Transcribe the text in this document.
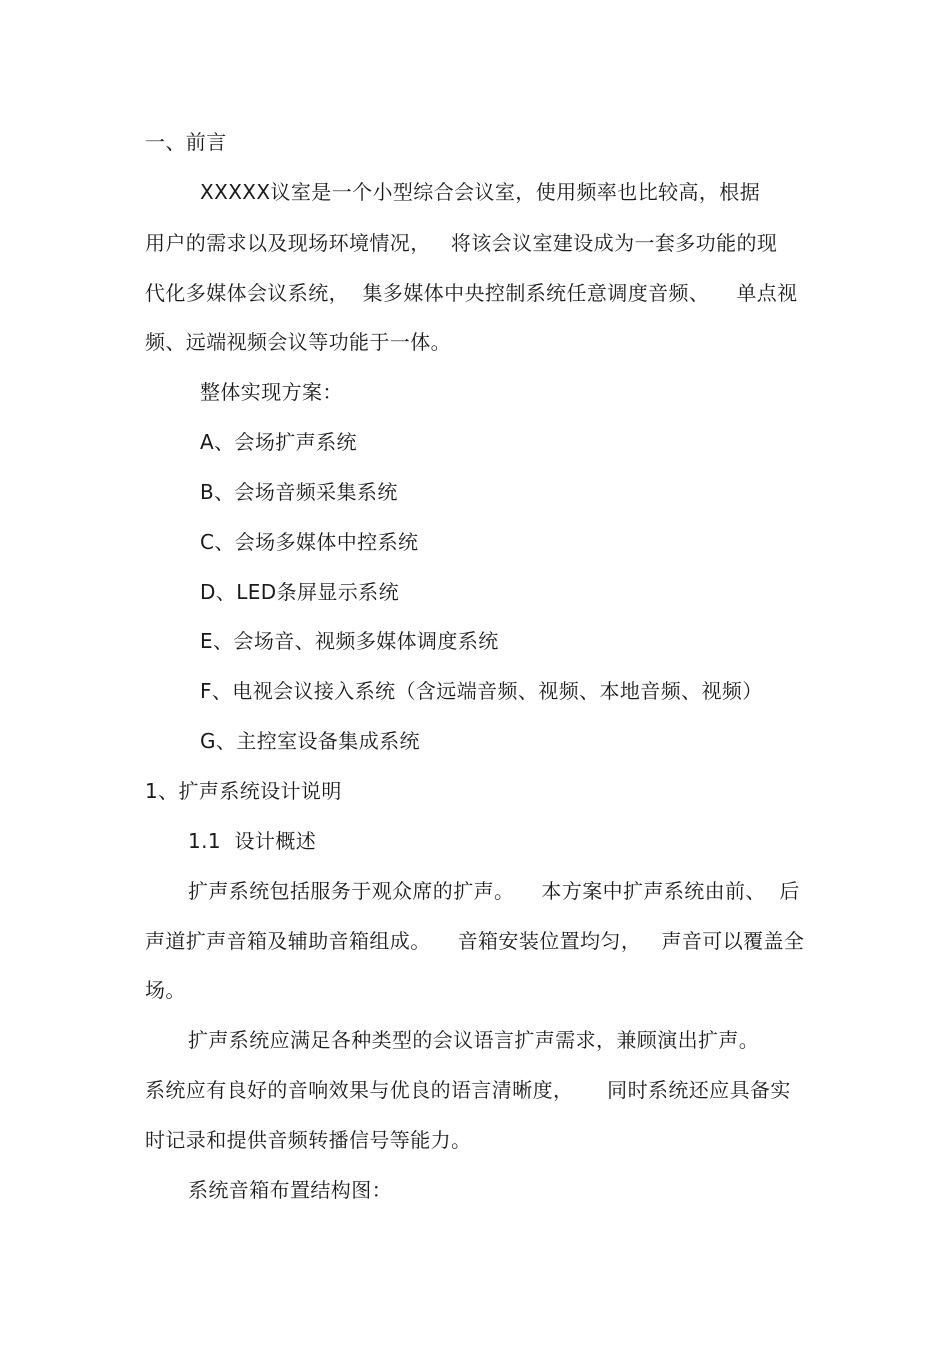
一、前言
XXXXX议室是一个小型综合会议室，使用频率也比较高，根据
用户的需求以及现场环境情况，   将该会议室建设成为一套多功能的现
代化多媒体会议系统，  集多媒体中央控制系统任意调度音频、    单点视
频、远端视频会议等功能于一体。
整体实现方案：
A、会场扩声系统
B、会场音频采集系统
C、会场多媒体中控系统
D、LED条屏显示系统
E、会场音、视频多媒体调度系统
F、电视会议接入系统（含远端音频、视频、本地音频、视频）
G、主控室设备集成系统
1、扩声系统设计说明
1.1  设计概述
扩声系统包括服务于观众席的扩声。    本方案中扩声系统由前、  后
声道扩声音箱及辅助音箱组成。    音箱安装位置均匀，   声音可以覆盖全
场。
扩声系统应满足各种类型的会议语言扩声需求，兼顾演出扩声。
系统应有良好的音响效果与优良的语言清晰度，     同时系统还应具备实
时记录和提供音频转播信号等能力。
系统音箱布置结构图：
